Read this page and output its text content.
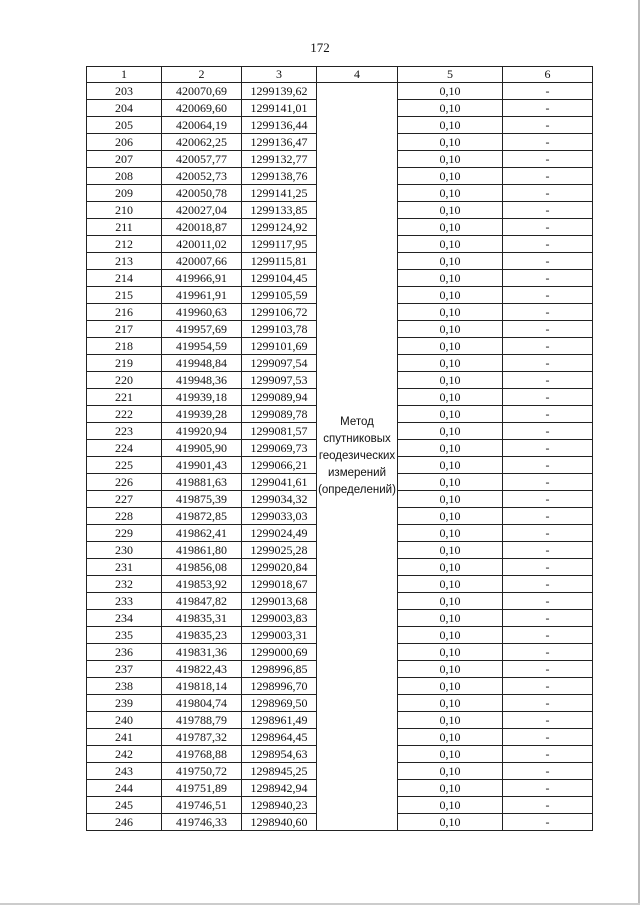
172
1	2	3	4	5	6
203	420070,69	1299139,62	Метод спутниковых геодезических измерений (определений)	0,10	-
204	420069,60	1299141,01		0,10	-
205	420064,19	1299136,44		0,10	-
206	420062,25	1299136,47		0,10	-
207	420057,77	1299132,77		0,10	-
208	420052,73	1299138,76		0,10	-
209	420050,78	1299141,25		0,10	-
210	420027,04	1299133,85		0,10	-
211	420018,87	1299124,92		0,10	-
212	420011,02	1299117,95		0,10	-
213	420007,66	1299115,81		0,10	-
214	419966,91	1299104,45		0,10	-
215	419961,91	1299105,59		0,10	-
216	419960,63	1299106,72		0,10	-
217	419957,69	1299103,78		0,10	-
218	419954,59	1299101,69		0,10	-
219	419948,84	1299097,54		0,10	-
220	419948,36	1299097,53		0,10	-
221	419939,18	1299089,94		0,10	-
222	419939,28	1299089,78		0,10	-
223	419920,94	1299081,57		0,10	-
224	419905,90	1299069,73		0,10	-
225	419901,43	1299066,21		0,10	-
226	419881,63	1299041,61		0,10	-
227	419875,39	1299034,32		0,10	-
228	419872,85	1299033,03		0,10	-
229	419862,41	1299024,49		0,10	-
230	419861,80	1299025,28		0,10	-
231	419856,08	1299020,84		0,10	-
232	419853,92	1299018,67		0,10	-
233	419847,82	1299013,68		0,10	-
234	419835,31	1299003,83		0,10	-
235	419835,23	1299003,31		0,10	-
236	419831,36	1299000,69		0,10	-
237	419822,43	1298996,85		0,10	-
238	419818,14	1298996,70		0,10	-
239	419804,74	1298969,50		0,10	-
240	419788,79	1298961,49		0,10	-
241	419787,32	1298964,45		0,10	-
242	419768,88	1298954,63		0,10	-
243	419750,72	1298945,25		0,10	-
244	419751,89	1298942,94		0,10	-
245	419746,51	1298940,23		0,10	-
246	419746,33	1298940,60		0,10	-
